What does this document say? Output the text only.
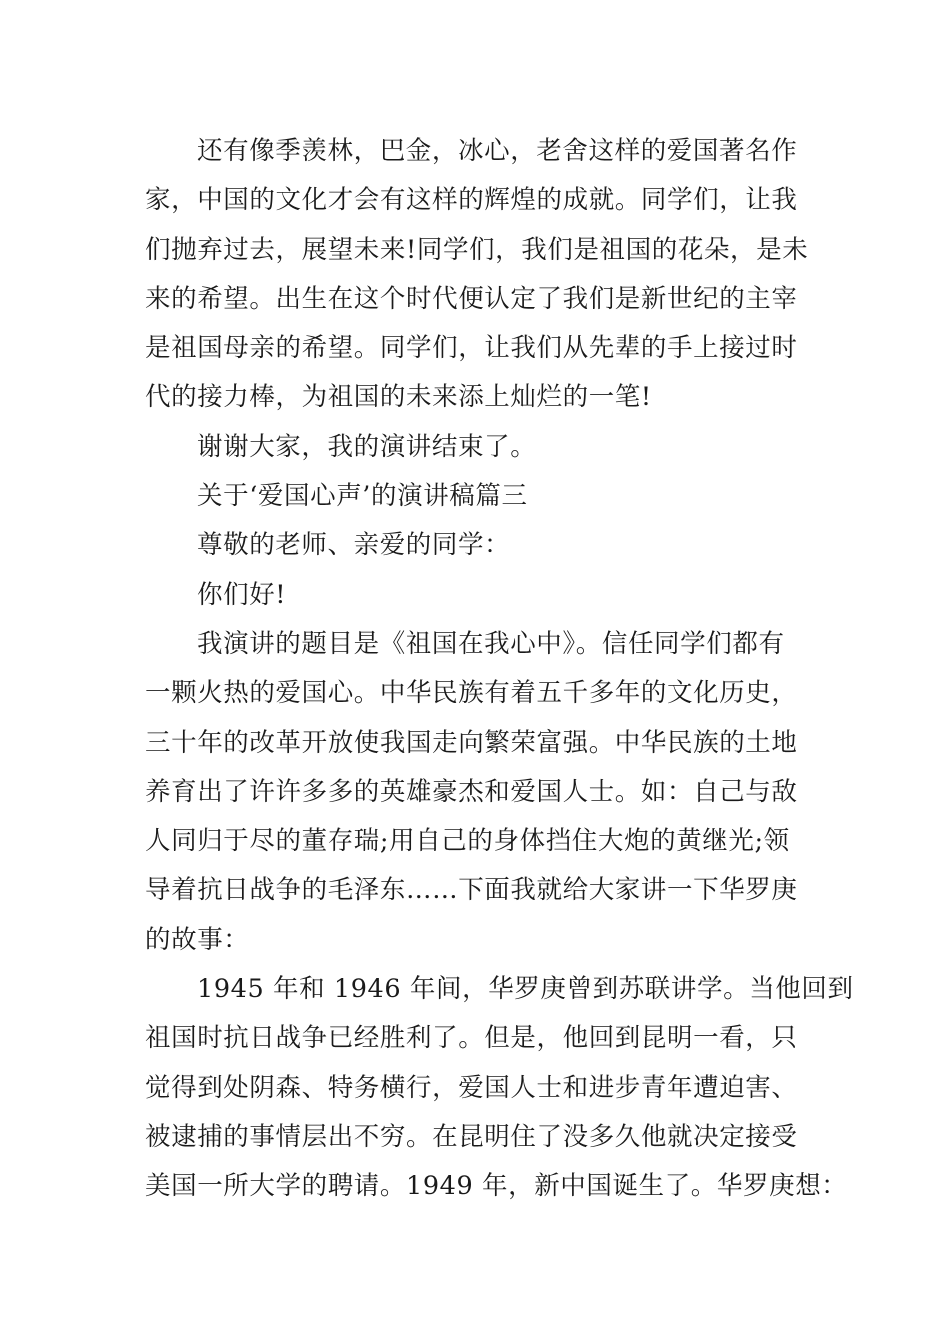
还有像季羡林，巴金，冰心，老舍这样的爱国著名作
家，中国的文化才会有这样的辉煌的成就。同学们，让我
们抛弃过去，展望未来!同学们，我们是祖国的花朵，是未
来的希望。出生在这个时代便认定了我们是新世纪的主宰
是祖国母亲的希望。同学们，让我们从先辈的手上接过时
代的接力棒，为祖国的未来添上灿烂的一笔!
谢谢大家，我的演讲结束了。
关于‘爱国心声’的演讲稿篇三
尊敬的老师、亲爱的同学：
你们好!
我演讲的题目是《祖国在我心中》。信任同学们都有
一颗火热的爱国心。中华民族有着五千多年的文化历史，
三十年的改革开放使我国走向繁荣富强。中华民族的土地
养育出了许许多多的英雄豪杰和爱国人士。如：自己与敌
人同归于尽的董存瑞;用自己的身体挡住大炮的黄继光;领
导着抗日战争的毛泽东……下面我就给大家讲一下华罗庚
的故事：
1945 年和 1946 年间，华罗庚曾到苏联讲学。当他回到
祖国时抗日战争已经胜利了。但是，他回到昆明一看，只
觉得到处阴森、特务横行，爱国人士和进步青年遭迫害、
被逮捕的事情层出不穷。在昆明住了没多久他就决定接受
美国一所大学的聘请。1949 年，新中国诞生了。华罗庚想：
